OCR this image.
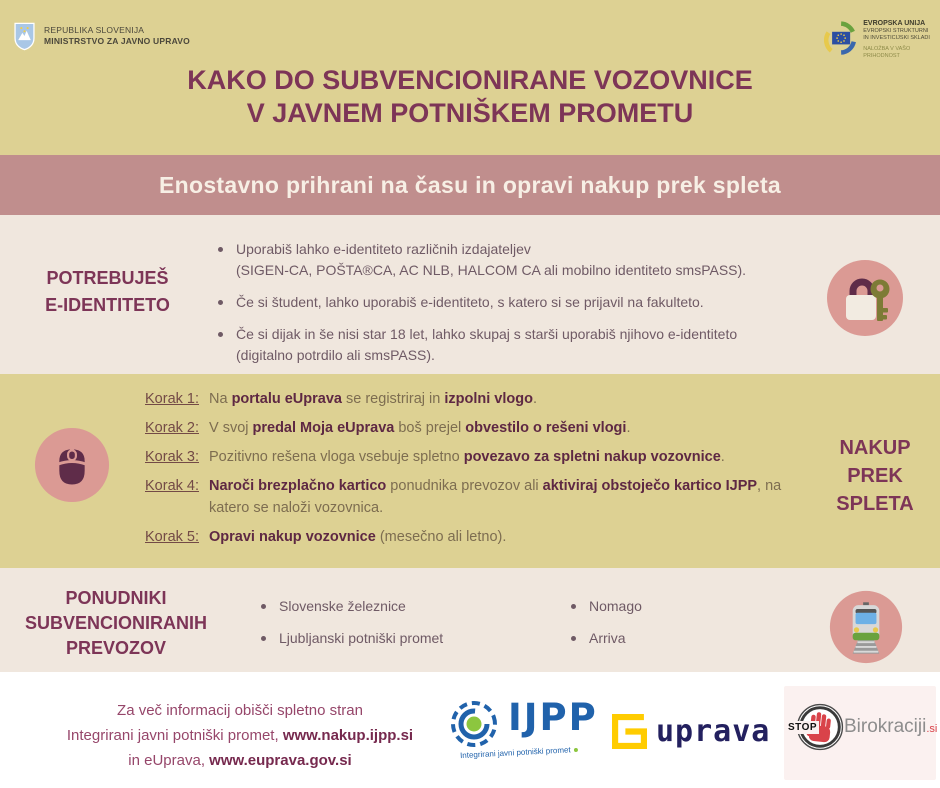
REPUBLIKA SLOVENIJA
MINISTRSTVO ZA JAVNO UPRAVO
EVROPSKA UNIJA
EVROPSKI STRUKTURNI
IN INVESTICIJSKI SKLADI
NALOŽBA V VAŠO PRIHODNOST
KAKO DO SUBVENCIONIRANE VOZOVNICE
V JAVNEM POTNIŠKEM PROMETU
Enostavno prihrani na času in opravi nakup prek spleta
POTREBUJEŠ
E-IDENTITETO
Uporabiš lahko e-identiteto različnih izdajateljev
(SIGEN-CA, POŠTA®CA, AC NLB, HALCOM CA ali mobilno identiteto smsPASS).
Če si študent, lahko uporabiš e-identiteto, s katero si se prijavil na fakulteto.
Če si dijak in še nisi star 18 let, lahko skupaj s starši uporabiš njihovo e-identiteto
(digitalno potrdilo ali smsPASS).
Korak 1: Na portalu eUprava se registriraj in izpolni vlogo.
Korak 2: V svoj predal Moja eUprava boš prejel obvestilo o rešeni vlogi.
Korak 3: Pozitivno rešena vloga vsebuje spletno povezavo za spletni nakup vozovnice.
Korak 4: Naroči brezplačno kartico ponudnika prevozov ali aktiviraj obstoječo kartico IJPP, na katero se naloži vozovnica.
Korak 5: Opravi nakup vozovnice (mesečno ali letno).
NAKUP
PREK
SPLETA
PONUDNIKI
SUBVENCIONIRANIH
PREVOZOV
Slovenske železnice
Ljubljanski potniški promet
Nomago
Arriva
Za več informacij obišči spletno stran
Integrirani javni potniški promet, www.nakup.ijpp.si
in eUprava, www.euprava.gov.si
IJPP
Integrirani javni potniški promet
uprava STOP Birokraciji.si
